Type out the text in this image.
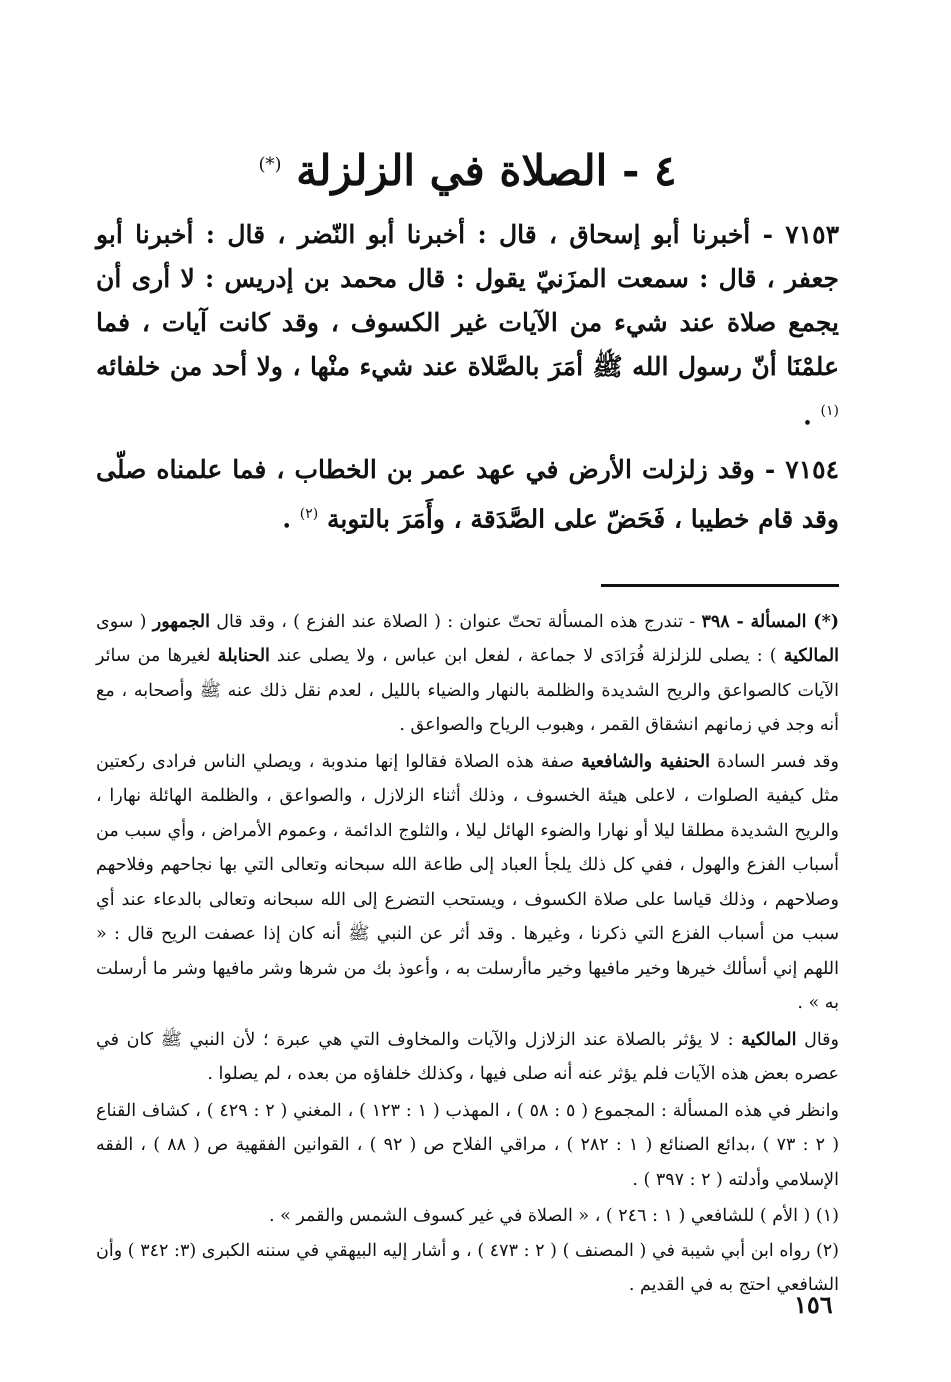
٤ - الصلاة في الزلزلة (*)

٧١٥٣ - أخبرنا أبو إسحاق ، قال : أخبرنا أبو النّضر ، قال : أخبرنا أبو جعفر ، قال : سمعت المزَنيّ يقول : قال محمد بن إدريس : لا أرى أن يجمع صلاة عند شيء من الآيات غير الكسوف ، وقد كانت آيات ، فما علمْنَا أنّ رسول الله ﷺ أمَرَ بالصَّلاة عند شيء منْها ، ولا أحد من خلفائه $^{(١)}$ .

٧١٥٤ - وقد زلزلت الأرض في عهد عمر بن الخطاب ، فما علمناه صلّى وقد قام خطيبا ، فَحَضّ على الصَّدَقة ، وأَمَرَ بالتوبة $^{(٢)}$ .

(*) المسألة - ٣٩٨ - تندرج هذه المسألة تحتّ عنوان : ( الصلاة عند الفزع ) ، وقد قال الجمهور ( سوى المالكية ) : يصلى للزلزلة فُرَادَى لا جماعة ، لفعل ابن عباس ، ولا يصلى عند الحنابلة لغيرها من سائر الآيات كالصواعق والريح الشديدة والظلمة بالنهار والضياء بالليل ، لعدم نقل ذلك عنه ﷺ وأصحابه ، مع أنه وجد في زمانهم انشقاق القمر ، وهبوب الرياح والصواعق .

وقد فسر السادة الحنفية والشافعية صفة هذه الصلاة فقالوا إنها مندوبة ، ويصلي الناس فرادى ركعتين مثل كيفية الصلوات ، لاعلى هيئة الخسوف ، وذلك أثناء الزلازل ، والصواعق ، والظلمة الهائلة نهارا ، والريح الشديدة مطلقا ليلا أو نهارا والضوء الهائل ليلا ، والثلوج الدائمة ، وعموم الأمراض ، وأي سبب من أسباب الفزع والهول ، ففي كل ذلك يلجأ العباد إلى طاعة الله سبحانه وتعالى التي بها نجاحهم وفلاحهم وصلاحهم ، وذلك قياسا على صلاة الكسوف ، ويستحب التضرع إلى الله سبحانه وتعالى بالدعاء عند أي سبب من أسباب الفزع التي ذكرنا ، وغيرها . وقد أثر عن النبي ﷺ أنه كان إذا عصفت الريح قال : « اللهم إني أسألك خيرها وخير مافيها وخير ماأرسلت به ، وأعوذ بك من شرها وشر مافيها وشر ما أرسلت به » .

وقال المالكية : لا يؤثر بالصلاة عند الزلازل والآيات والمخاوف التي هي عبرة ؛ لأن النبي ﷺ كان في عصره بعض هذه الآيات فلم يؤثر عنه أنه صلى فيها ، وكذلك خلفاؤه من بعده ، لم يصلوا .

وانظر في هذه المسألة : المجموع ( ٥ : ٥٨ ) ، المهذب ( ١ : ١٢٣ ) ، المغني ( ٢ : ٤٢٩ ) ، كشاف القناع ( ٢ : ٧٣ ) ،بدائع الصنائع ( ١ : ٢٨٢ ) ، مراقي الفلاح ص ( ٩٢ ) ، القوانين الفقهية ص ( ٨٨ ) ، الفقه الإسلامي وأدلته ( ٢ : ٣٩٧ ) .

(١) ( الأم ) للشافعي ( ١ : ٢٤٦ ) ، « الصلاة في غير كسوف الشمس والقمر » .

(٢) رواه ابن أبي شيبة في ( المصنف ) ( ٢ : ٤٧٣ ) ، و أشار إليه البيهقي في سننه الكبرى (٣: ٣٤٢ ) وأن الشافعي احتج به في القديم .

١٥٦
